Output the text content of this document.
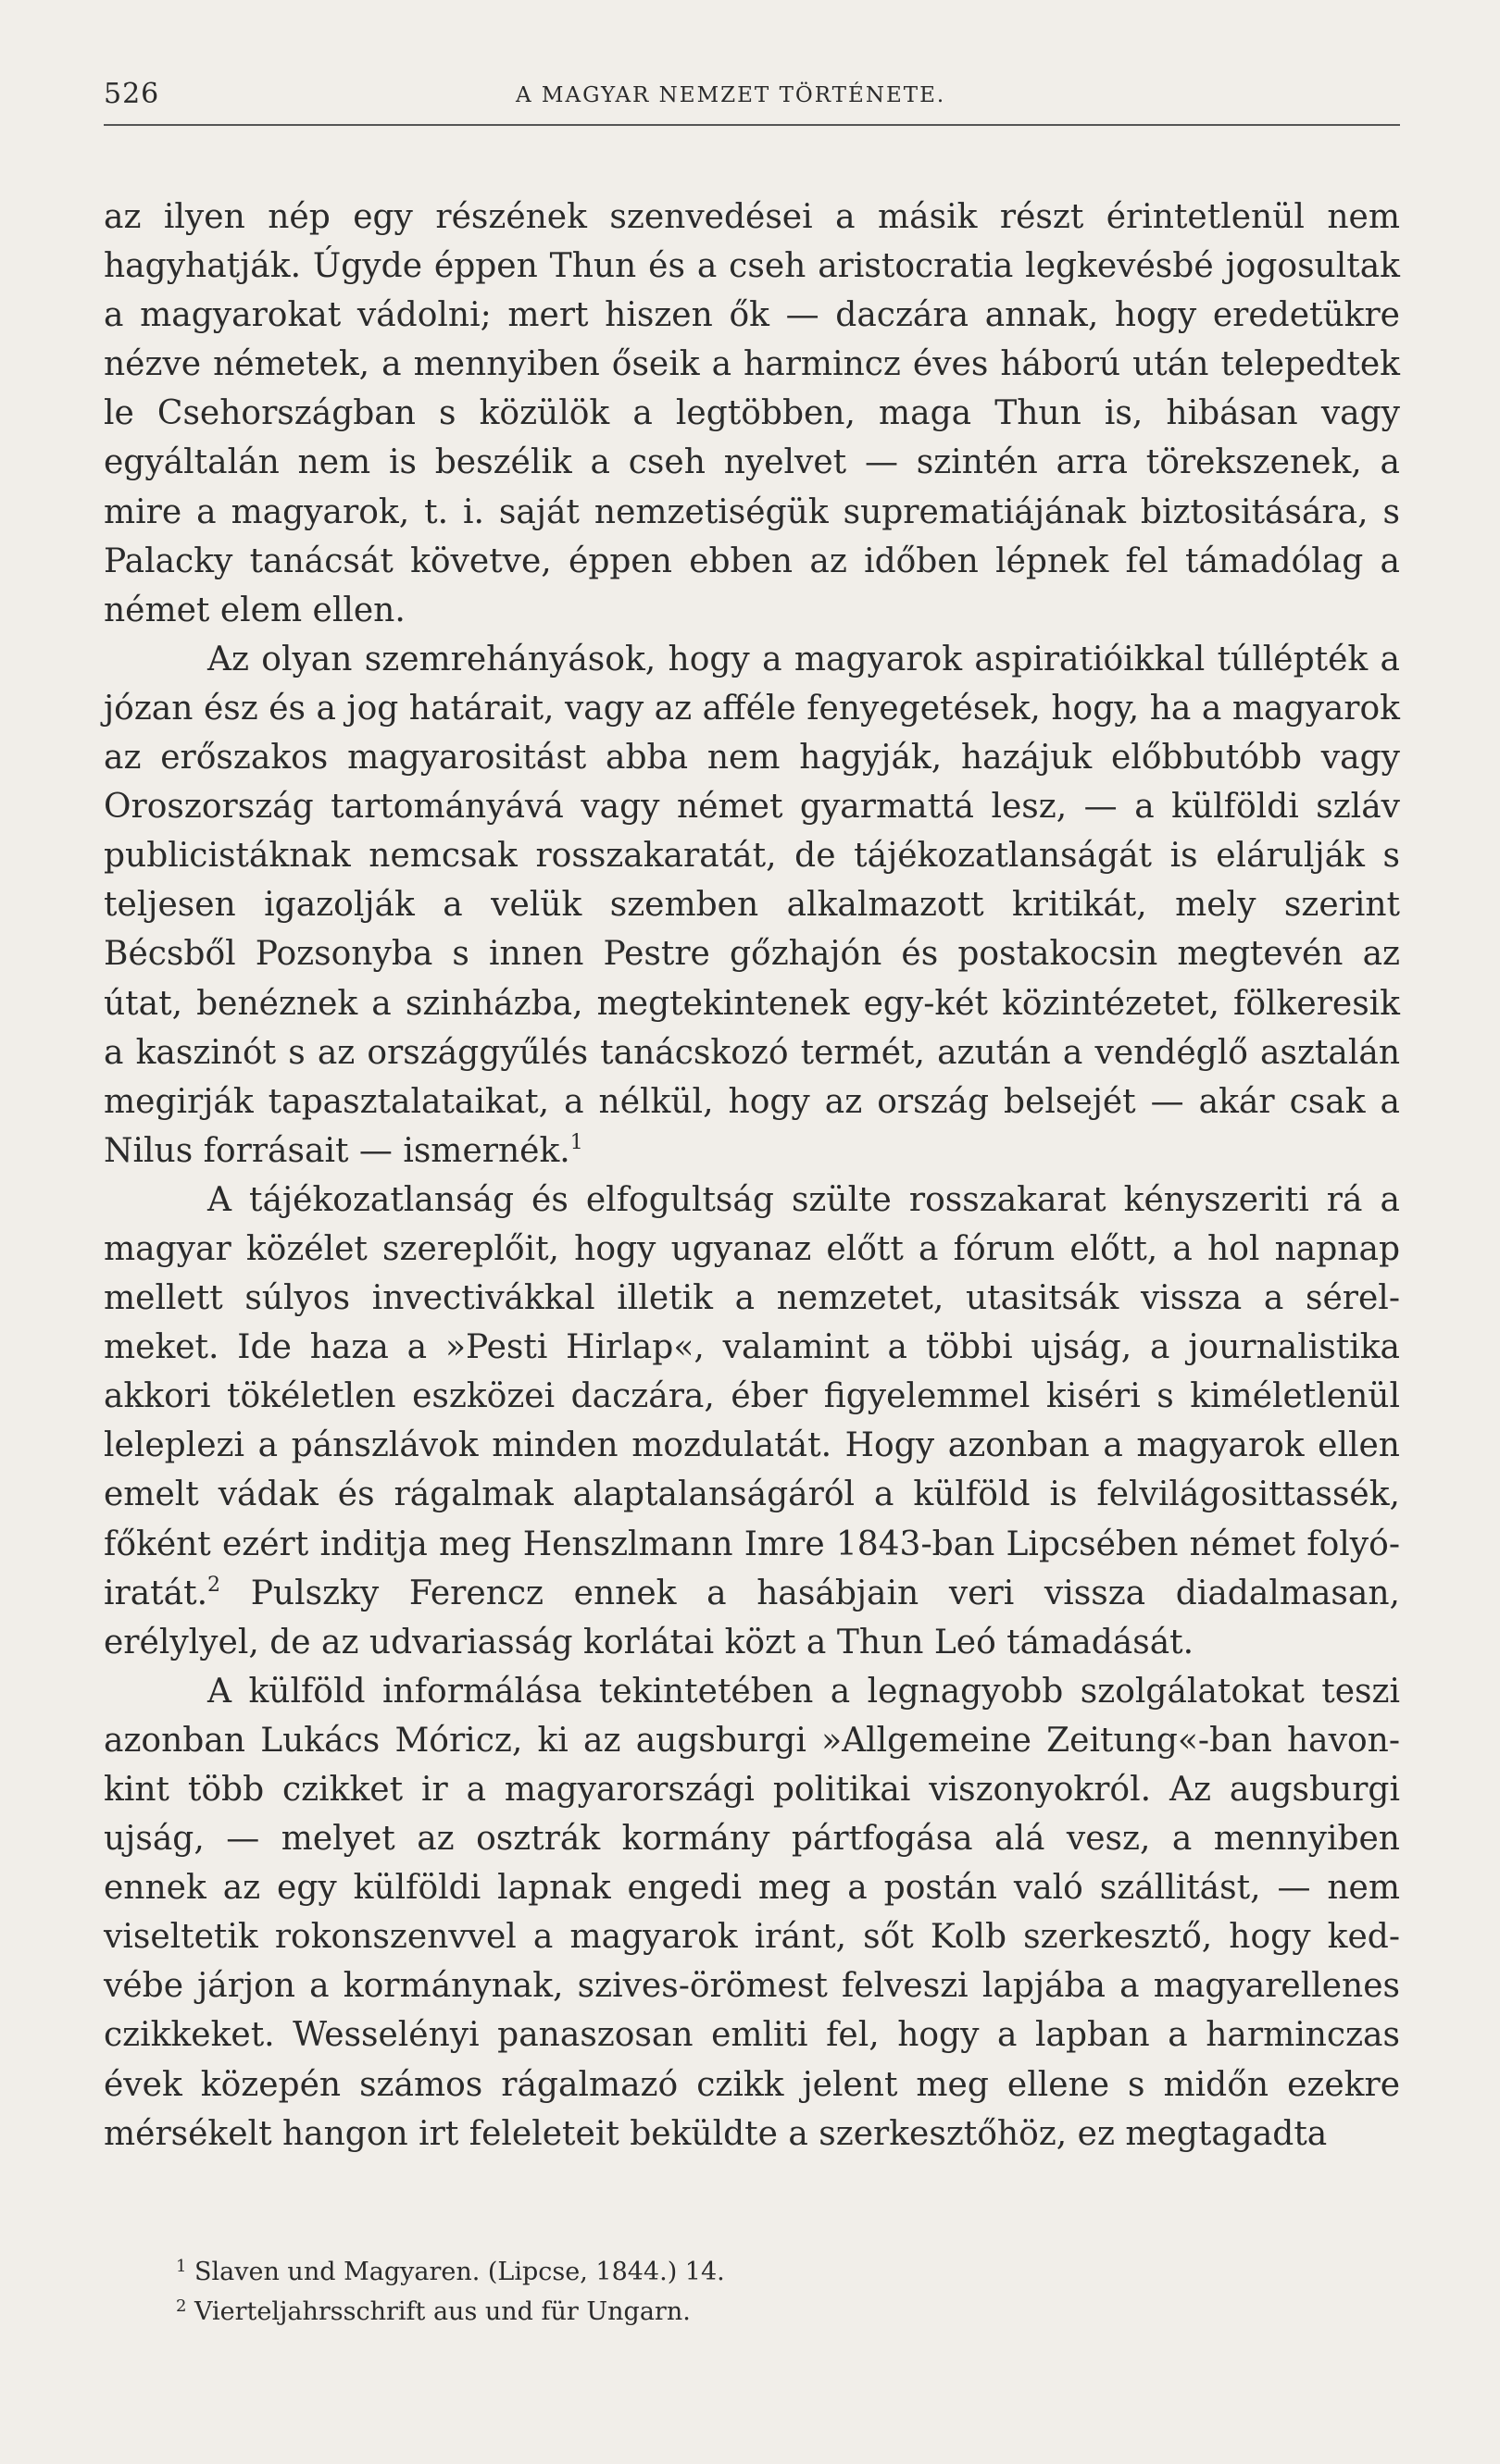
526	A MAGYAR NEMZET TÖRTÉNETE.

az ilyen nép egy részének szenvedései a másik részt érintetlenül nem hagyhatják. Úgyde éppen Thun és a cseh aristocratia legkevésbé jogosultak a magyarokat vádolni; mert hiszen ők — daczára annak, hogy eredetükre nézve németek, a mennyiben őseik a harmincz éves háború után telepedtek le Csehországban s közülök a legtöbben, maga Thun is, hibásan vagy egyáltalán nem is beszélik a cseh nyelvet — szintén arra törekszenek, a mire a magyarok, t. i. saját nemzetiségük suprematiájának biztositására, s Palacky tanácsát követve, éppen ebben az időben lépnek fel támadólag a német elem ellen.

Az olyan szemrehányások, hogy a magyarok aspiratióikkal túllépték a józan ész és a jog határait, vagy az afféle fenyegetések, hogy, ha a magyarok az erőszakos magyarositást abba nem hagyják, hazájuk előbbutóbb vagy Oroszország tartományává vagy német gyarmattá lesz, — a külföldi szláv publicistáknak nemcsak rosszakaratát, de tájékozatlanságát is elárulják s teljesen igazolják a velük szemben alkalmazott kritikát, mely szerint Bécsből Pozsonyba s innen Pestre gőzhajón és postakocsin megtevén az útat, benéznek a szinházba, megtekintenek egy-két közintézetet, fölkeresik a kaszinót s az országgyűlés tanácskozó termét, azután a vendéglő asztalán megirják tapasztalataikat, a nélkül, hogy az ország belsejét — akár csak a Nilus forrásait — ismernék.$^1$

A tájékozatlanság és elfogultság szülte rosszakarat kényszeriti rá a magyar közélet szereplőit, hogy ugyanaz előtt a fórum előtt, a hol napnap mellett súlyos invectivákkal illetik a nemzetet, utasitsák vissza a sérelmeket. Ide haza a »Pesti Hirlap«, valamint a többi ujság, a journalistika akkori tökéletlen eszközei daczára, éber figyelemmel kiséri s kiméletlenül leleplezi a pánszlávok minden mozdulatát. Hogy azonban a magyarok ellen emelt vádak és rágalmak alaptalanságáról a külföld is felvilágosittassék, főként ezért inditja meg Henszlmann Imre 1843-ban Lipcsében német folyóiratát.$^2$ Pulszky Ferencz ennek a hasábjain veri vissza diadalmasan, erélylyel, de az udvariasság korlátai közt a Thun Leó támadását.

A külföld informálása tekintetében a legnagyobb szolgálatokat teszi azonban Lukács Móricz, ki az augsburgi »Allgemeine Zeitung«-ban havonkint több czikket ir a magyarországi politikai viszonyokról. Az augsburgi ujság, — melyet az osztrák kormány pártfogása alá vesz, a mennyiben ennek az egy külföldi lapnak engedi meg a postán való szállitást, — nem viseltetik rokonszenvvel a magyarok iránt, sőt Kolb szerkesztő, hogy kedvébe járjon a kormánynak, szives-örömest felveszi lapjába a magyarellenes czikkeket. Wesselényi panaszosan emliti fel, hogy a lapban a harminczas évek közepén számos rágalmazó czikk jelent meg ellene s midőn ezekre mérsékelt hangon irt feleleteit beküldte a szerkesztőhöz, ez megtagadta

1 Slaven und Magyaren. (Lipcse, 1844.) 14.
2 Vierteljahrsschrift aus und für Ungarn.
